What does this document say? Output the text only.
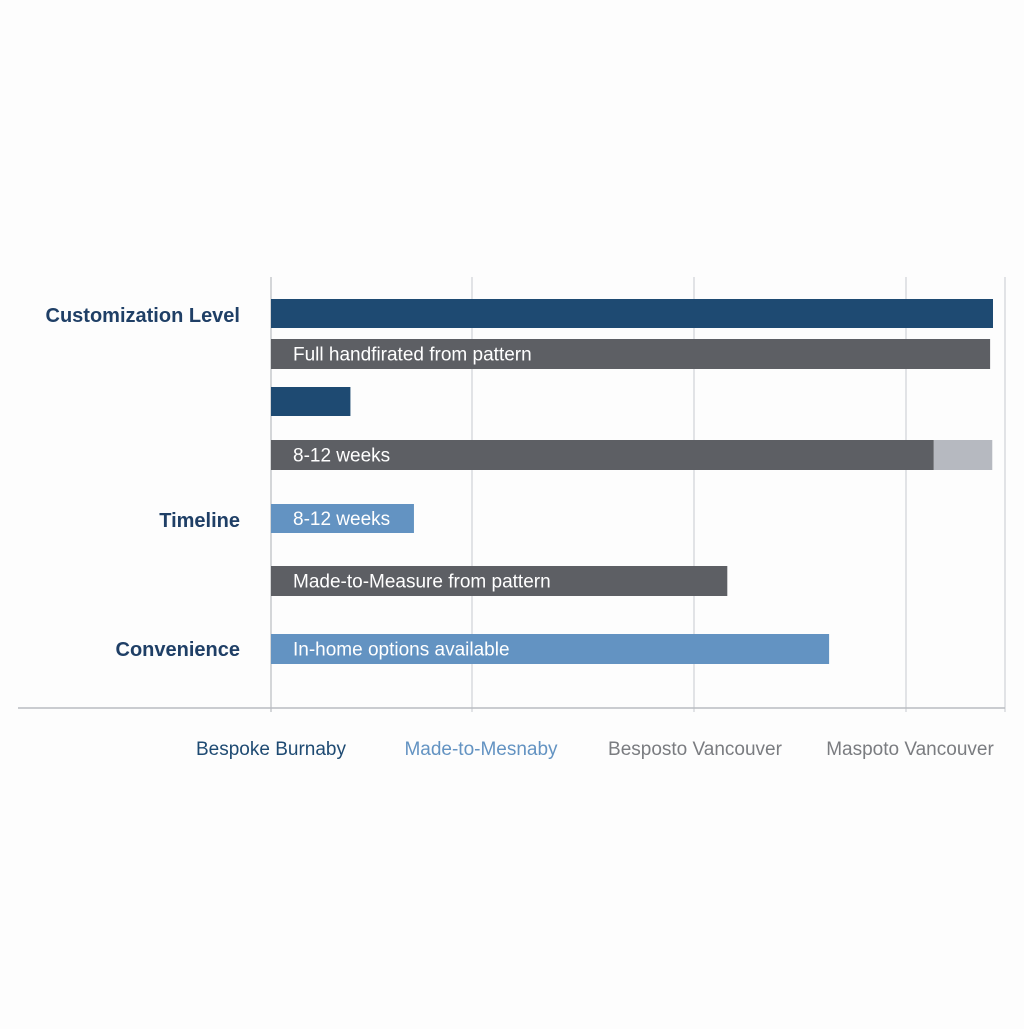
Full handfirated from pattern
8-12 weeks
8-12 weeks
Made-to-Measure from pattern
In-home options available
Customization Level
Timeline
Convenience
Bespoke Burnaby	Made-to-Mesnaby	Besposto Vancouver Maspoto Vancouver
